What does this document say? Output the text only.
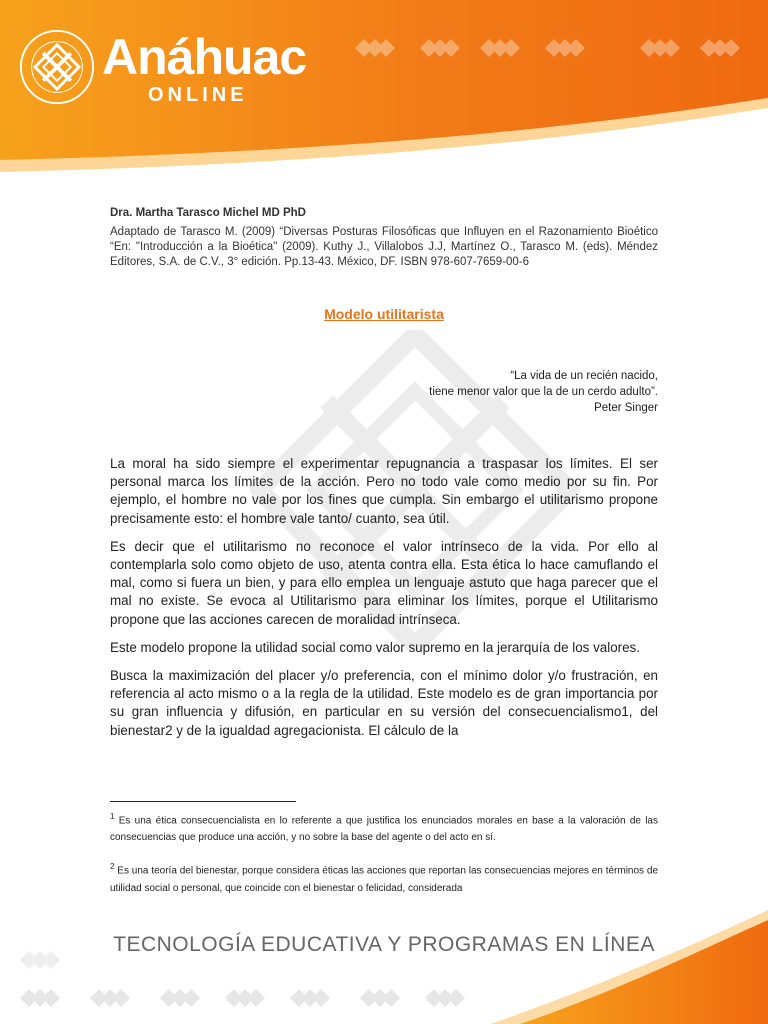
Anáhuac
ONLINE
Dra. Martha Tarasco Michel MD PhD
Adaptado de Tarasco M. (2009) “Diversas Posturas Filosóficas que Influyen en el Razonamiento Bioético “En: "Introducción a la Bioética" (2009). Kuthy J., Villalobos J.J, Martínez O., Tarasco M. (eds). Méndez Editores, S.A. de C.V., 3° edición. Pp.13-43. México, DF. ISBN 978-607-7659-00-6
Modelo utilitarista
“La vida de un recién nacido,
tiene menor valor que la de un cerdo adulto”.
Peter Singer

La moral ha sido siempre el experimentar repugnancia a traspasar los límites. El ser personal marca los límites de la acción. Pero no todo vale como medio por su fin. Por ejemplo, el hombre no vale por los fines que cumpla. Sin embargo el utilitarismo propone precisamente esto: el hombre vale tanto/ cuanto, sea útil.

Es decir que el utilitarismo no reconoce el valor intrínseco de la vida. Por ello al contemplarla solo como objeto de uso, atenta contra ella. Esta ética lo hace camuflando el mal, como si fuera un bien, y para ello emplea un lenguaje astuto que haga parecer que el mal no existe. Se evoca al Utilitarismo para eliminar los límites, porque el Utilitarismo propone que las acciones carecen de moralidad intrínseca.

Este modelo propone la utilidad social como valor supremo en la jerarquía de los valores.

Busca la maximización del placer y/o preferencia, con el mínimo dolor y/o frustración, en referencia al acto mismo o a la regla de la utilidad. Este modelo es de gran importancia por su gran influencia y difusión, en particular en su versión del consecuencialismo1, del bienestar2 y de la igualdad agregacionista. El cálculo de la

$^1$ Es una ética consecuencialista en lo referente a que justifica los enunciados morales en base a la valoración de las consecuencias que produce una acción, y no sobre la base del agente o del acto en sí.

$^2$ Es una teoría del bienestar, porque considera éticas las acciones que reportan las consecuencias mejores en términos de utilidad social o personal, que coincide con el bienestar o felicidad, considerada

TECNOLOGÍA EDUCATIVA Y PROGRAMAS EN LÍNEA
